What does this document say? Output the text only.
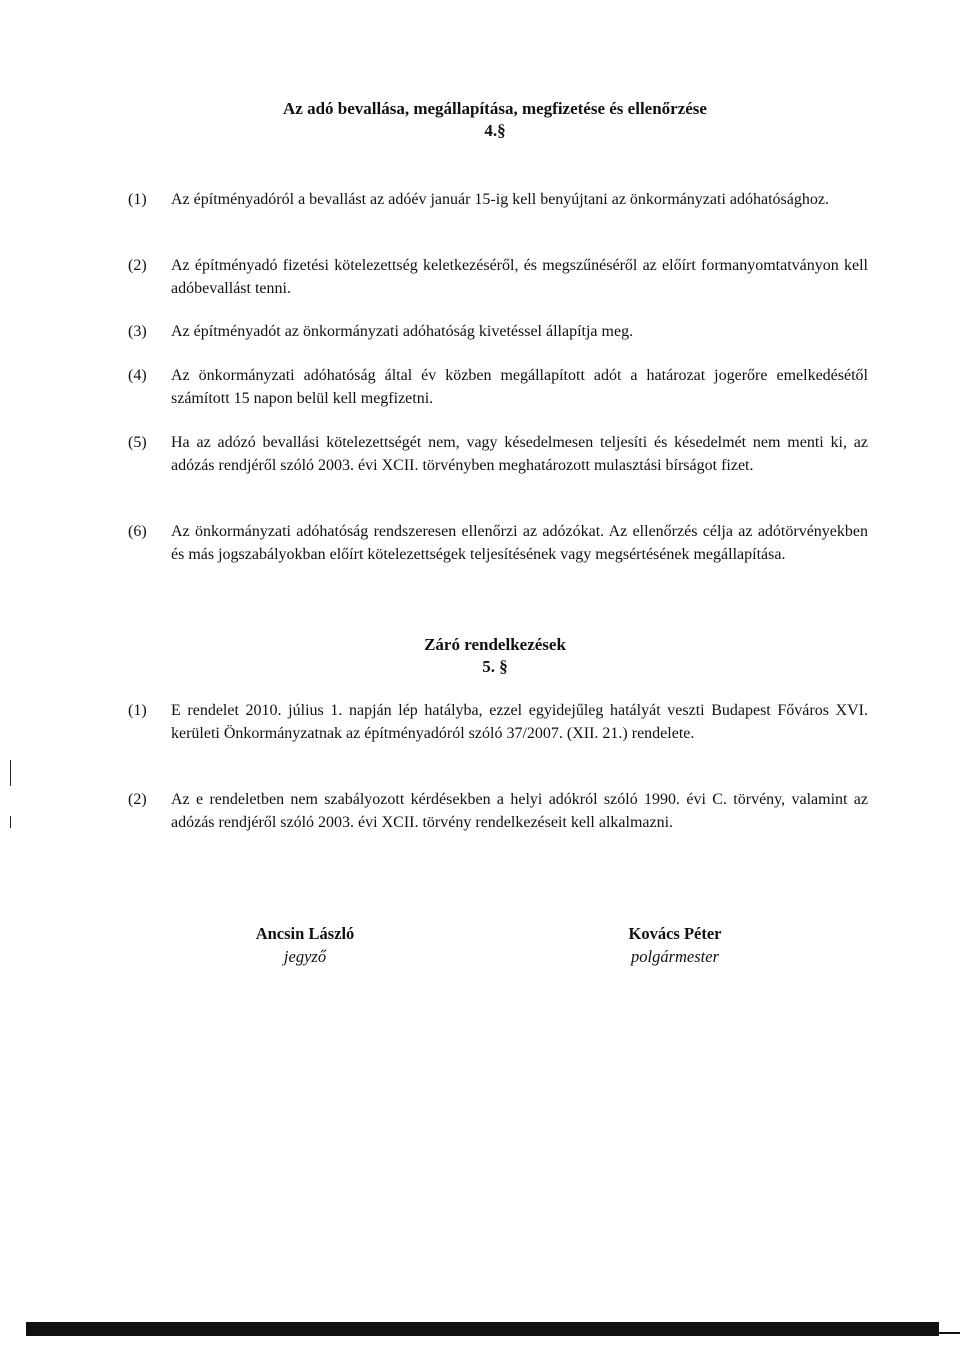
Az adó bevallása, megállapítása, megfizetése és ellenőrzése
4.§
(1) Az építményadóról a bevallást az adóév január 15-ig kell benyújtani az önkormányzati adóhatósághoz.
(2) Az építményadó fizetési kötelezettség keletkezéséről, és megszűnéséről az előírt formanyomtatványon kell adóbevallást tenni.
(3) Az építményadót az önkormányzati adóhatóság kivetéssel állapítja meg.
(4) Az önkormányzati adóhatóság által év közben megállapított adót a határozat jogerőre emelkedésétől számított 15 napon belül kell megfizetni.
(5) Ha az adózó bevallási kötelezettségét nem, vagy késedelmesen teljesíti és késedelmét nem menti ki, az adózás rendjéről szóló 2003. évi XCII. törvényben meghatározott mulasztási bírságot fizet.
(6) Az önkormányzati adóhatóság rendszeresen ellenőrzi az adózókat. Az ellenőrzés célja az adótörvényekben és más jogszabályokban előírt kötelezettségek teljesítésének vagy megsértésének megállapítása.
Záró rendelkezések
5. §
(1) E rendelet 2010. július 1. napján lép hatályba, ezzel egyidejűleg hatályát veszti Budapest Főváros XVI. kerületi Önkormányzatnak az építményadóról szóló 37/2007. (XII. 21.) rendelete.
(2) Az e rendeletben nem szabályozott kérdésekben a helyi adókról szóló 1990. évi C. törvény, valamint az adózás rendjéről szóló 2003. évi XCII. törvény rendelkezéseit kell alkalmazni.
Ancsin László
jegyző
Kovács Péter
polgármester
